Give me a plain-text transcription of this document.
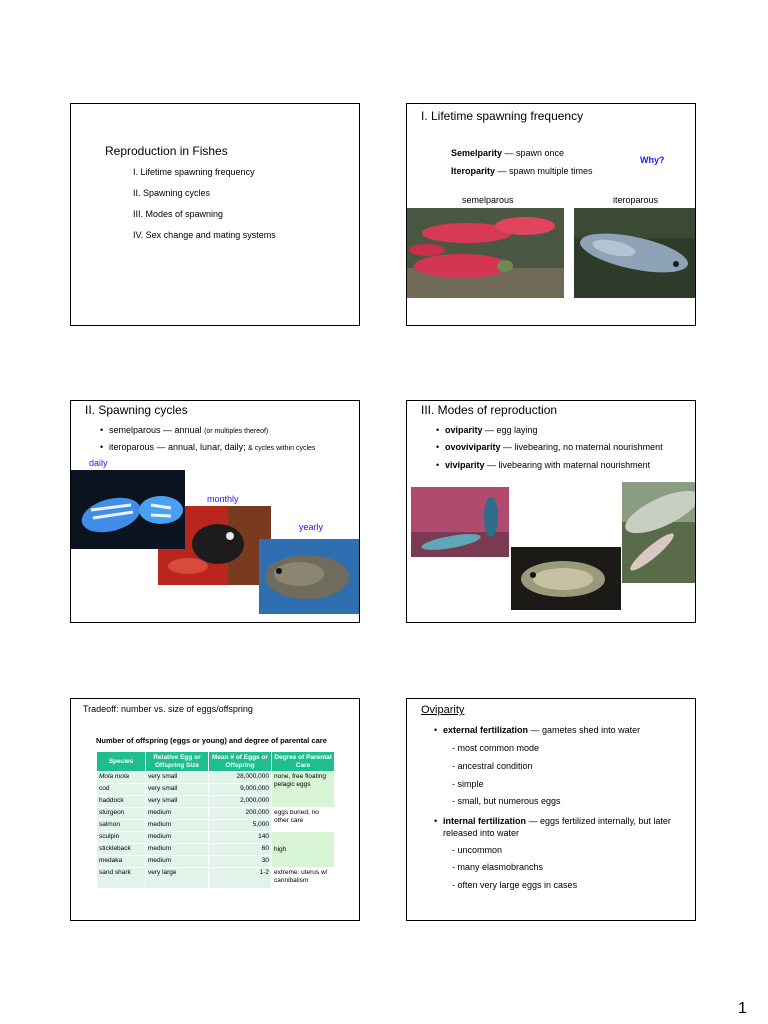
Reproduction in Fishes
I. Lifetime spawning frequency
II. Spawning cycles
III. Modes of spawning
IV. Sex change and mating systems
I. Lifetime spawning frequency
Semelparity — spawn once
Iteroparity — spawn multiple times
Why?
semelparous	iteroparous
II. Spawning cycles
• semelparous — annual (or multiples thereof)
• iteroparous — annual, lunar, daily; & cycles within cycles
daily
monthly
yearly
III. Modes of reproduction
• oviparity — egg laying
• ovoviviparity — livebearing, no maternal nourishment
• viviparity — livebearing with maternal nourishment
Tradeoff: number vs. size of eggs/offspring
Number of offspring (eggs or young) and degree of parental care
Species	Relative Egg or Offspring Size	Mean # of Eggs or Offspring	Degree of Parental Care
Mola mola	very small	28,000,000	none, free floating pelagic eggs
cod	very small	9,000,000	
haddock	very small	2,000,000	
sturgeon	medium	200,000	eggs buried, no other care
salmon	medium	5,000	
sculpin	medium	140	high
stickleback	medium	60	
medaka	medium	30	
sand shark	very large	1-2	extreme: uterus w/ cannibalism
Oviparity
• external fertilization — gametes shed into water
- most common mode
- ancestral condition
- simple
- small, but numerous eggs
• internal fertilization — eggs fertilized internally, but later released into water
- uncommon
- many elasmobranchs
- often very large eggs in cases
1
